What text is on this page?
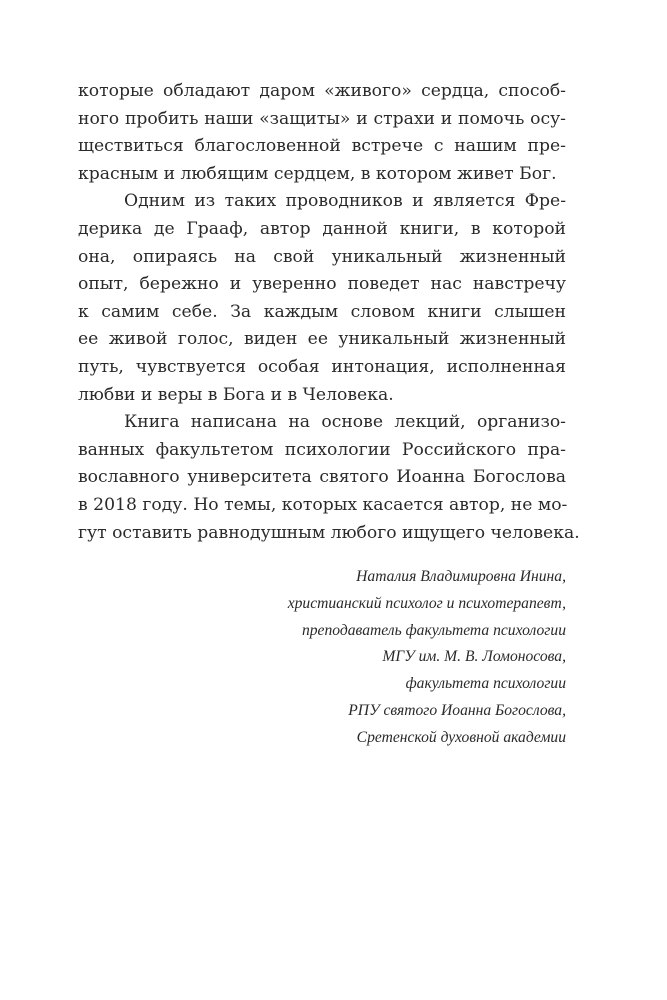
которые обладают даром «живого» сердца, способ-
ного пробить наши «защиты» и страхи и помочь осу-
ществиться благословенной встрече с нашим пре-
красным и любящим сердцем, в котором живет Бог.
Одним из таких проводников и является Фре-
дерика де Грааф, автор данной книги, в которой
она, опираясь на свой уникальный жизненный
опыт, бережно и уверенно поведет нас навстречу
к самим себе. За каждым словом книги слышен
ее живой голос, виден ее уникальный жизненный
путь, чувствуется особая интонация, исполненная
любви и веры в Бога и в Человека.
Книга написана на основе лекций, организо-
ванных факультетом психологии Российского пра-
вославного университета святого Иоанна Богослова
в 2018 году. Но темы, которых касается автор, не мо-
гут оставить равнодушным любого ищущего человека.
Наталия Владимировна Инина,
христианский психолог и психотерапевт,
преподаватель факультета психологии
МГУ им. М. В. Ломоносова,
факультета психологии
РПУ святого Иоанна Богослова,
Сретенской духовной академии
